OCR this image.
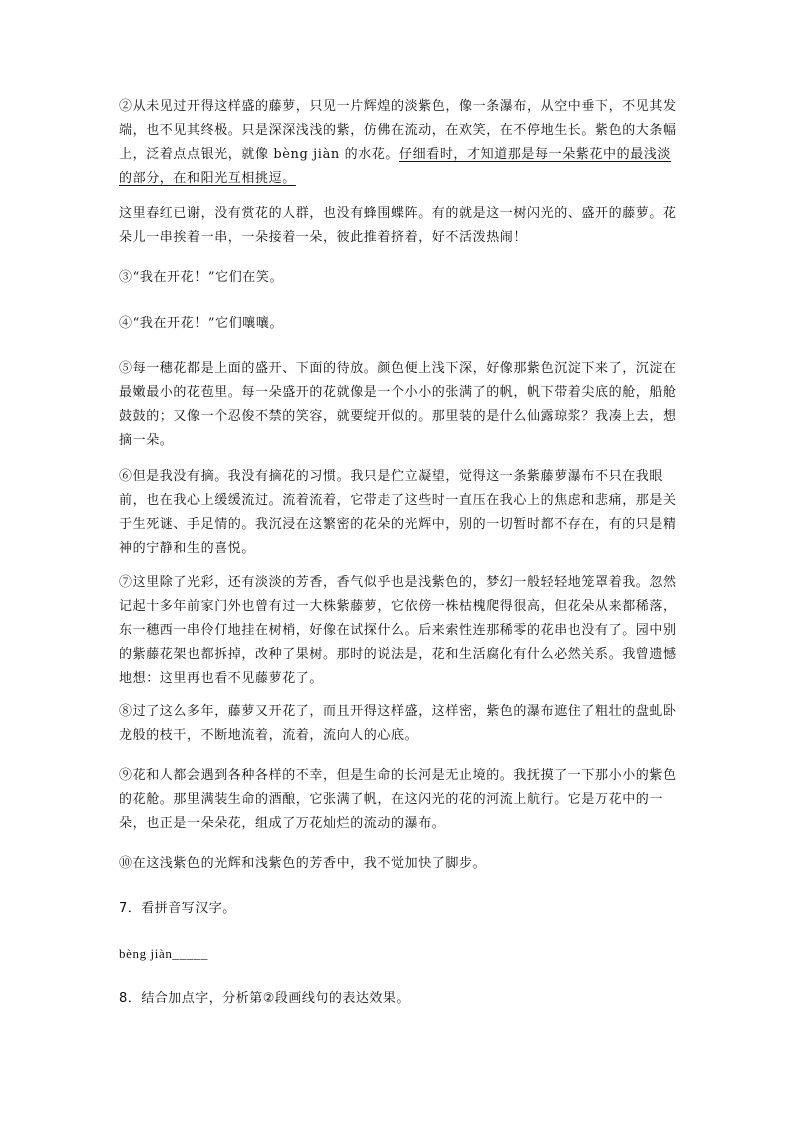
②从未见过开得这样盛的藤萝，只见一片辉煌的淡紫色，像一条瀑布，从空中垂下，不见其发端，也不见其终极。只是深深浅浅的紫，仿佛在流动，在欢笑，在不停地生长。紫色的大条幅上，泛着点点银光，就像 bèng jiàn 的水花。仔细看时，才知道那是每一朵紫花中的最浅淡的部分，在和阳光互相挑逗。

这里春红已谢，没有赏花的人群，也没有蜂围蝶阵。有的就是这一树闪光的、盛开的藤萝。花朵儿一串挨着一串，一朵接着一朵，彼此推着挤着，好不活泼热闹！

③“我在开花！”它们在笑。

④“我在开花！”它们嚷嚷。

⑤每一穗花都是上面的盛开、下面的待放。颜色便上浅下深，好像那紫色沉淀下来了，沉淀在最嫩最小的花苞里。每一朵盛开的花就像是一个小小的张满了的帆，帆下带着尖底的舱，船舱鼓鼓的；又像一个忍俊不禁的笑容，就要绽开似的。那里装的是什么仙露琼浆？我凑上去，想摘一朵。

⑥但是我没有摘。我没有摘花的习惯。我只是伫立凝望，觉得这一条紫藤萝瀑布不只在我眼前，也在我心上缓缓流过。流着流着，它带走了这些时一直压在我心上的焦虑和悲痛，那是关于生死谜、手足情的。我沉浸在这繁密的花朵的光辉中，别的一切暂时都不存在，有的只是精神的宁静和生的喜悦。

⑦这里除了光彩，还有淡淡的芳香，香气似乎也是浅紫色的，梦幻一般轻轻地笼罩着我。忽然记起十多年前家门外也曾有过一大株紫藤萝，它依傍一株枯槐爬得很高，但花朵从来都稀落，东一穗西一串伶仃地挂在树梢，好像在试探什么。后来索性连那稀零的花串也没有了。园中别的紫藤花架也都拆掉，改种了果树。那时的说法是，花和生活腐化有什么必然关系。我曾遗憾地想：这里再也看不见藤萝花了。

⑧过了这么多年，藤萝又开花了，而且开得这样盛，这样密，紫色的瀑布遮住了粗壮的盘虬卧龙般的枝干，不断地流着，流着，流向人的心底。

⑨花和人都会遇到各种各样的不幸，但是生命的长河是无止境的。我抚摸了一下那小小的紫色的花舱。那里满装生命的酒酿，它张满了帆，在这闪光的花的河流上航行。它是万花中的一朵，也正是一朵朵花，组成了万花灿烂的流动的瀑布。

⑩在这浅紫色的光辉和浅紫色的芳香中，我不觉加快了脚步。

7．看拼音写汉字。

bèng jiàn_____

8．结合加点字，分析第②段画线句的表达效果。
